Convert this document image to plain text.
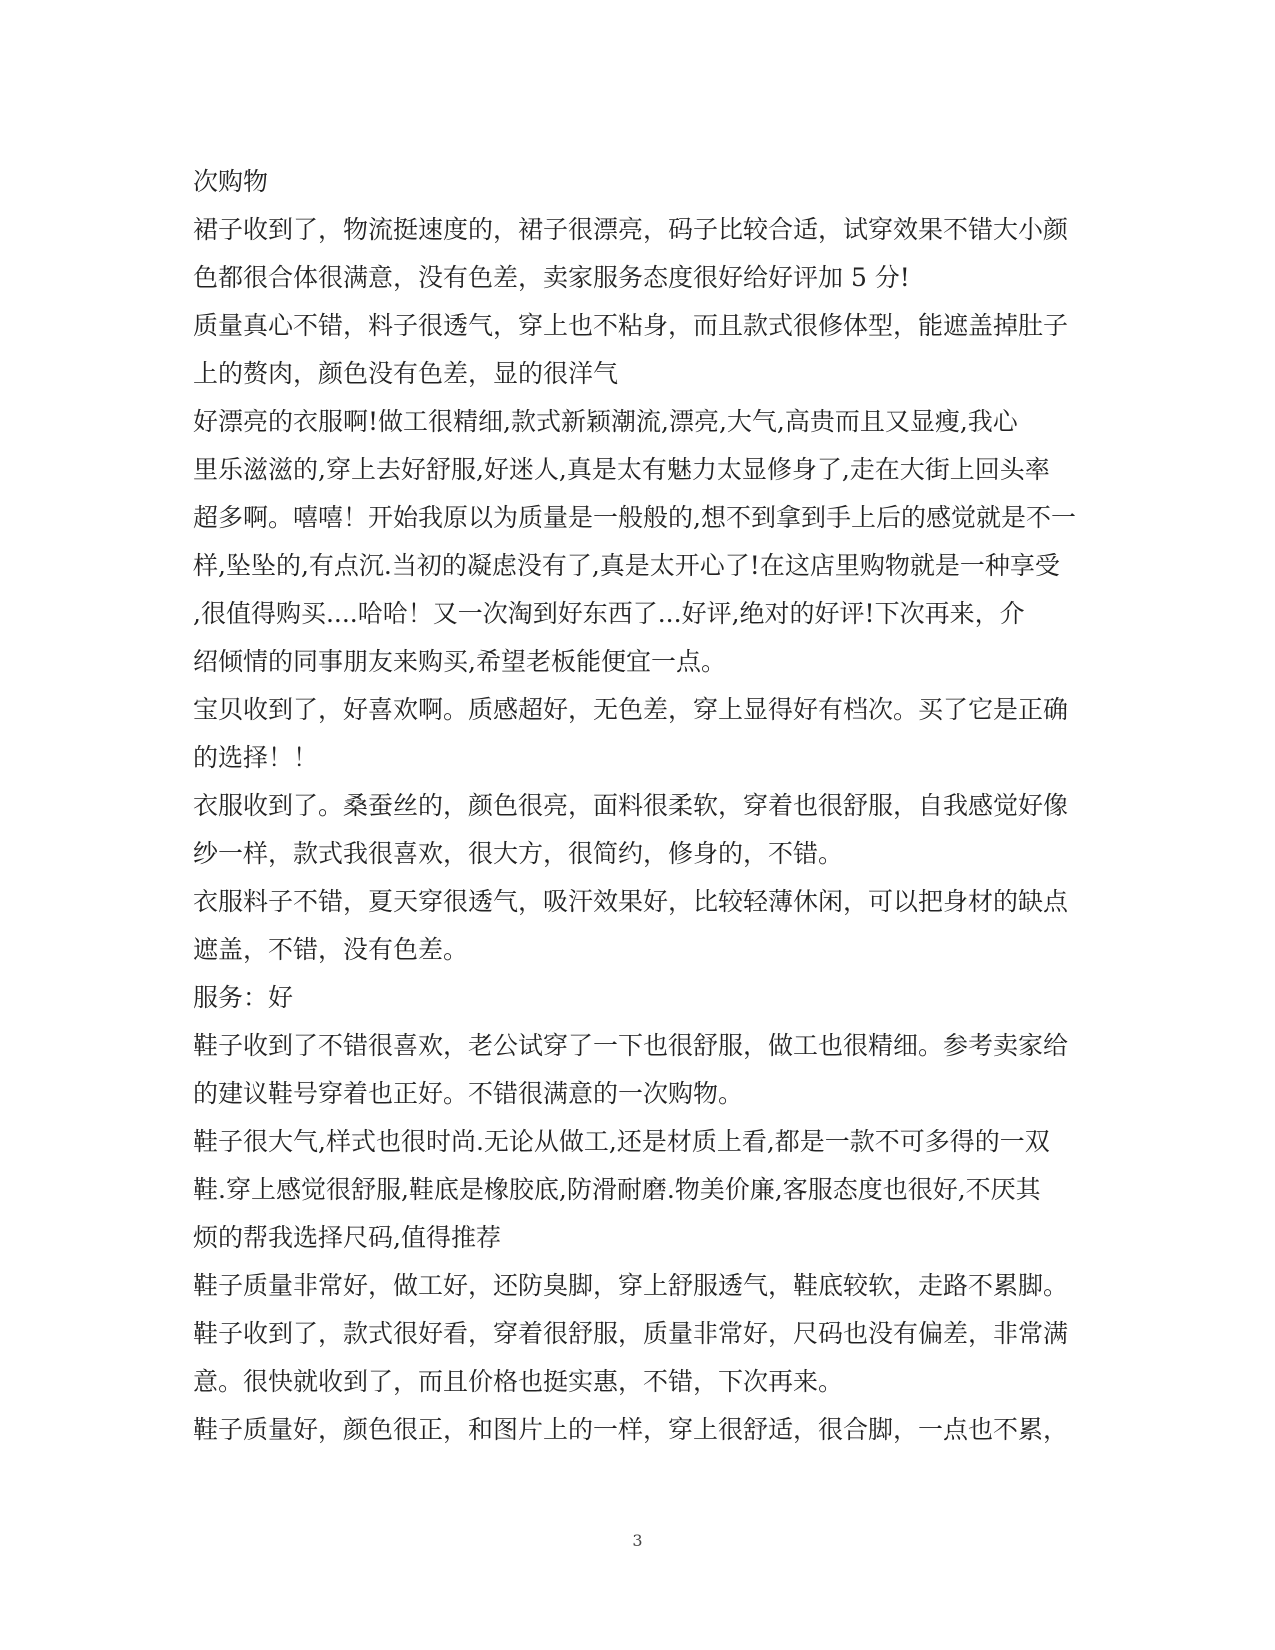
次购物
裙子收到了，物流挺速度的，裙子很漂亮，码子比较合适，试穿效果不错大小颜
色都很合体很满意，没有色差，卖家服务态度很好给好评加 5 分!
质量真心不错，料子很透气，穿上也不粘身，而且款式很修体型，能遮盖掉肚子
上的赘肉，颜色没有色差，显的很洋气
好漂亮的衣服啊!做工很精细,款式新颖潮流,漂亮,大气,高贵而且又显瘦,我心
里乐滋滋的,穿上去好舒服,好迷人,真是太有魅力太显修身了,走在大街上回头率
超多啊。嘻嘻！开始我原以为质量是一般般的,想不到拿到手上后的感觉就是不一
样,坠坠的,有点沉.当初的凝虑没有了,真是太开心了!在这店里购物就是一种享受
,很值得购买....哈哈！又一次淘到好东西了...好评,绝对的好评!下次再来，介
绍倾情的同事朋友来购买,希望老板能便宜一点。
宝贝收到了，好喜欢啊。质感超好，无色差，穿上显得好有档次。买了它是正确
的选择！！
衣服收到了。桑蚕丝的，颜色很亮，面料很柔软，穿着也很舒服，自我感觉好像
纱一样，款式我很喜欢，很大方，很简约，修身的，不错。
衣服料子不错，夏天穿很透气，吸汗效果好，比较轻薄休闲，可以把身材的缺点
遮盖，不错，没有色差。
服务：好
鞋子收到了不错很喜欢，老公试穿了一下也很舒服，做工也很精细。参考卖家给
的建议鞋号穿着也正好。不错很满意的一次购物。
鞋子很大气,样式也很时尚.无论从做工,还是材质上看,都是一款不可多得的一双
鞋.穿上感觉很舒服,鞋底是橡胶底,防滑耐磨.物美价廉,客服态度也很好,不厌其
烦的帮我选择尺码,值得推荐
鞋子质量非常好，做工好，还防臭脚，穿上舒服透气，鞋底较软，走路不累脚。
鞋子收到了，款式很好看，穿着很舒服，质量非常好，尺码也没有偏差，非常满
意。很快就收到了，而且价格也挺实惠，不错，下次再来。
鞋子质量好，颜色很正，和图片上的一样，穿上很舒适，很合脚，一点也不累，
3
